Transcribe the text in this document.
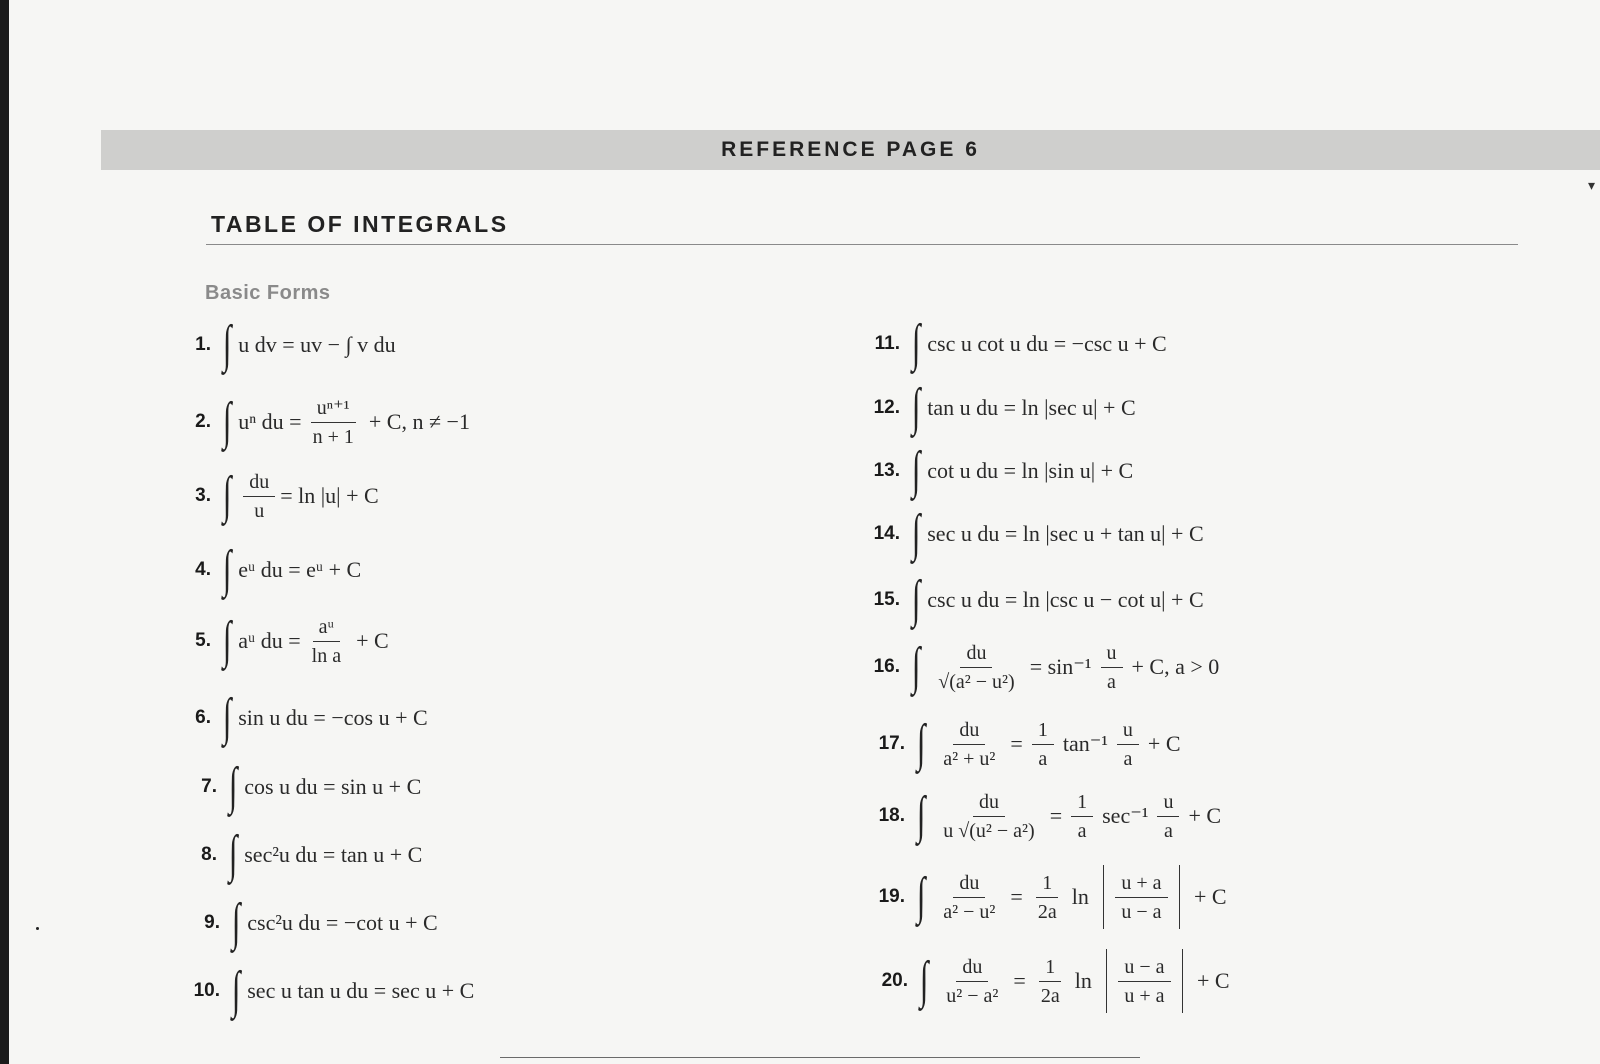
▾
REFERENCE PAGE 6
TABLE OF INTEGRALS
Basic Forms
1. ∫ u dv = uv − ∫ v du
2. ∫ uⁿ du = $\frac{\text{uⁿ⁺¹}}{n + 1} + C$, n ≠ −1
3. ∫ $\frac{du}{u} = \ln |u| + C$
4. ∫ eᵘ du = eᵘ + C
5. ∫ aᵘ du = $\frac{\text{aᵘ}}{\text{ln a}} + C$
6. ∫ sin u du = −cos u + C
7. ∫ cos u du = sin u + C
8. ∫ sec²u du = tan u + C
9. ∫ csc²u du = −cot u + C
10. ∫ sec u tan u du = sec u + C
11. ∫ csc u cot u du = −csc u + C
12. ∫ tan u du = ln |sec u| + C
13. ∫ cot u du = ln |sin u| + C
14. ∫ sec u du = ln |sec u + tan u| + C
15. ∫ csc u du = ln |csc u − cot u| + C
16. ∫ $\frac{du}{\text{√(a² − u²)}} = \sin^{-1} \frac{u}{a} + C$, a > 0
17. ∫ $\frac{du}{\text{a² + u²}} = \frac{1}{a} \tan^{-1} \frac{u}{a} + C$
18. ∫ $\frac{du}{\text{u √(u² − a²)}} = \frac{1}{a} \sec^{-1} \frac{u}{a} + C$
19. ∫ $\frac{du}{\text{a² − u²}} = \frac{1}{2a}$ $\ln \frac{u + a}{u - a} + C$
20. ∫ $\frac{du}{\text{u² − a²}} = \frac{1}{2a}$ $\ln \frac{u - a}{u + a} + C$
